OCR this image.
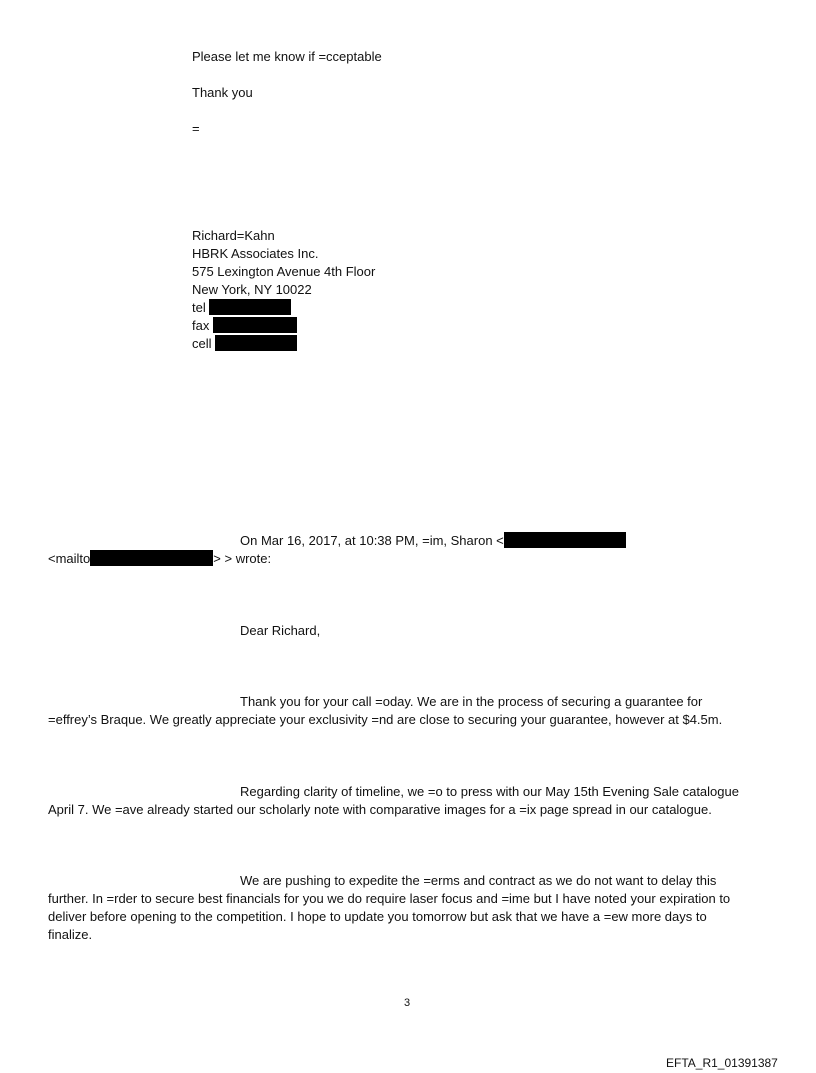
Please let me know if =cceptable
Thank you
=
Richard=Kahn
HBRK Associates Inc.
575 Lexington Avenue 4th Floor
New York, NY 10022
tel
fax
cell
On Mar 16, 2017, at 10:38 PM, =im, Sharon <
<mailto	> > wrote:
Dear Richard,
Thank you for your call =oday. We are in the process of securing a guarantee for
=effrey’s Braque. We greatly appreciate your exclusivity =nd are close to securing your guarantee, however at $4.5m.
Regarding clarity of timeline, we =o to press with our May 15th Evening Sale catalogue
April 7. We =ave already started our scholarly note with comparative images for a =ix page spread in our catalogue.
We are pushing to expedite the =erms and contract as we do not want to delay this
further. In =rder to secure best financials for you we do require laser focus and =ime but I have noted your expiration to
deliver before opening to the competition. I hope to update you tomorrow but ask that we have a =ew more days to
finalize.
3
EFTA_R1_01391387
